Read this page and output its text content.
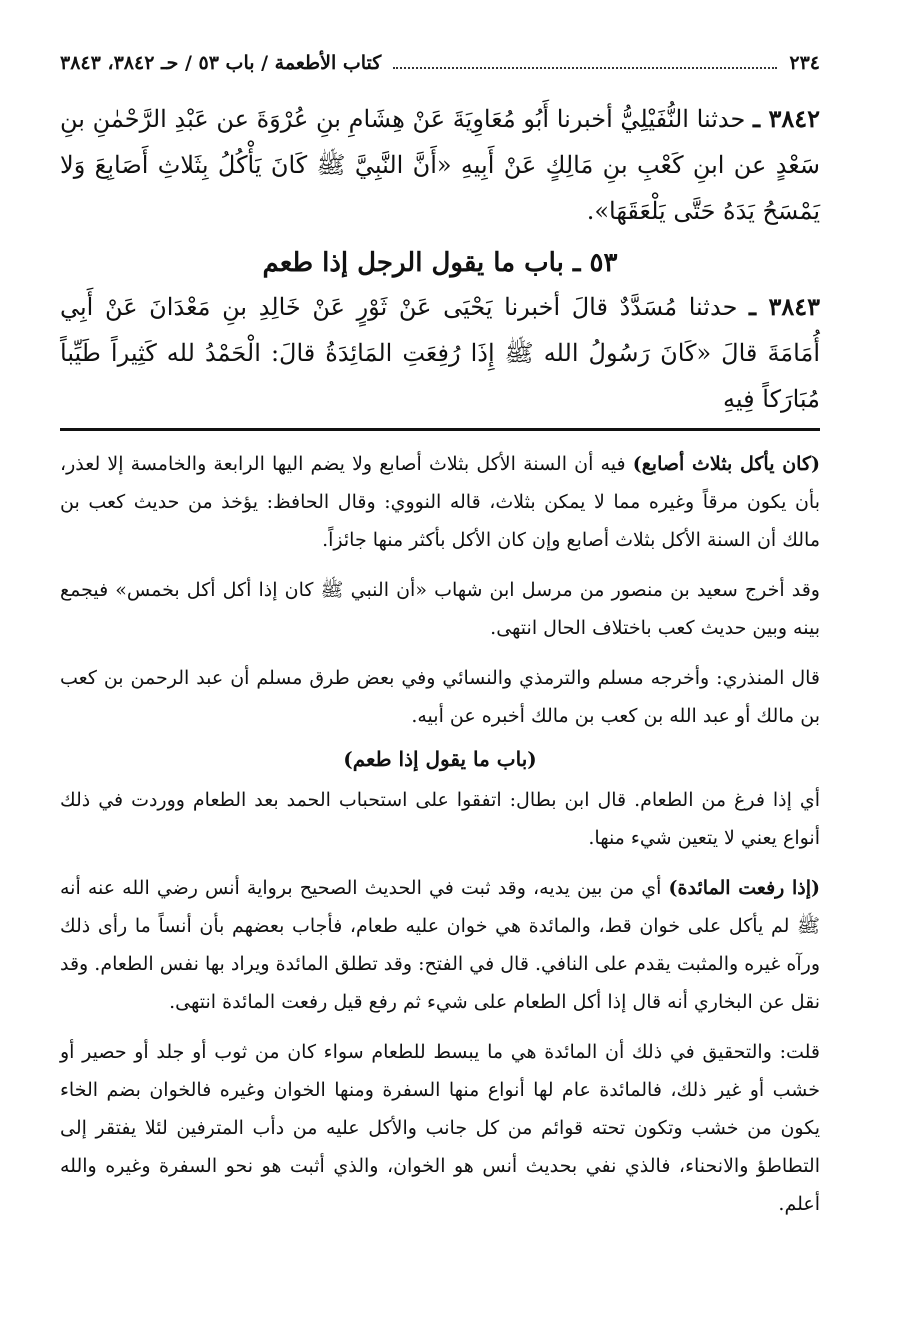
٢٣٤
كتاب الأطعمة / باب ٥٣ / حـ ٣٨٤٢، ٣٨٤٣
٣٨٤٢ ـ حدثنا النُّفَيْلِيُّ أخبرنا أَبُو مُعَاوِيَةَ عَنْ هِشَامِ بنِ عُرْوَةَ عن عَبْدِ الرَّحْمٰنِ بنِ سَعْدٍ عن ابنِ كَعْبِ بنِ مَالِكٍ عَنْ أَبِيهِ «أَنَّ النَّبِيَّ ﷺ كَانَ يَأْكُلُ بِثَلاثِ أَصَابِعَ وَلا يَمْسَحُ يَدَهُ حَتَّى يَلْعَقَهَا».
٥٣ ـ باب ما يقول الرجل إذا طعم
٣٨٤٣ ـ حدثنا مُسَدَّدٌ قالَ أخبرنا يَحْيَى عَنْ ثَوْرٍ عَنْ خَالِدِ بنِ مَعْدَانَ عَنْ أَبِي أُمَامَةَ قالَ «كَانَ رَسُولُ الله ﷺ إِذَا رُفِعَتِ المَائِدَةُ قالَ: الْحَمْدُ لله كَثِيراً طَيِّباً مُبَارَكاً فِيهِ

(كان يأكل بثلاث أصابع) فيه أن السنة الأكل بثلاث أصابع ولا يضم اليها الرابعة والخامسة إلا لعذر، بأن يكون مرقاً وغيره مما لا يمكن بثلاث، قاله النووي: وقال الحافظ: يؤخذ من حديث كعب بن مالك أن السنة الأكل بثلاث أصابع وإن كان الأكل بأكثر منها جائزاً.

وقد أخرج سعيد بن منصور من مرسل ابن شهاب «أن النبي ﷺ كان إذا أكل أكل بخمس» فيجمع بينه وبين حديث كعب باختلاف الحال انتهى.

قال المنذري: وأخرجه مسلم والترمذي والنسائي وفي بعض طرق مسلم أن عبد الرحمن بن كعب بن مالك أو عبد الله بن كعب بن مالك أخبره عن أبيه.

(باب ما يقول إذا طعم)

أي إذا فرغ من الطعام. قال ابن بطال: اتفقوا على استحباب الحمد بعد الطعام ووردت في ذلك أنواع يعني لا يتعين شيء منها.

(إذا رفعت المائدة) أي من بين يديه، وقد ثبت في الحديث الصحيح برواية أنس رضي الله عنه أنه ﷺ لم يأكل على خوان قط، والمائدة هي خوان عليه طعام، فأجاب بعضهم بأن أنساً ما رأى ذلك ورآه غيره والمثبت يقدم على النافي. قال في الفتح: وقد تطلق المائدة ويراد بها نفس الطعام. وقد نقل عن البخاري أنه قال إذا أكل الطعام على شيء ثم رفع قيل رفعت المائدة انتهى.

قلت: والتحقيق في ذلك أن المائدة هي ما يبسط للطعام سواء كان من ثوب أو جلد أو حصير أو خشب أو غير ذلك، فالمائدة عام لها أنواع منها السفرة ومنها الخوان وغيره فالخوان بضم الخاء يكون من خشب وتكون تحته قوائم من كل جانب والأكل عليه من دأب المترفين لئلا يفتقر إلى التطاطؤ والانحناء، فالذي نفي بحديث أنس هو الخوان، والذي أثبت هو نحو السفرة وغيره والله أعلم.
